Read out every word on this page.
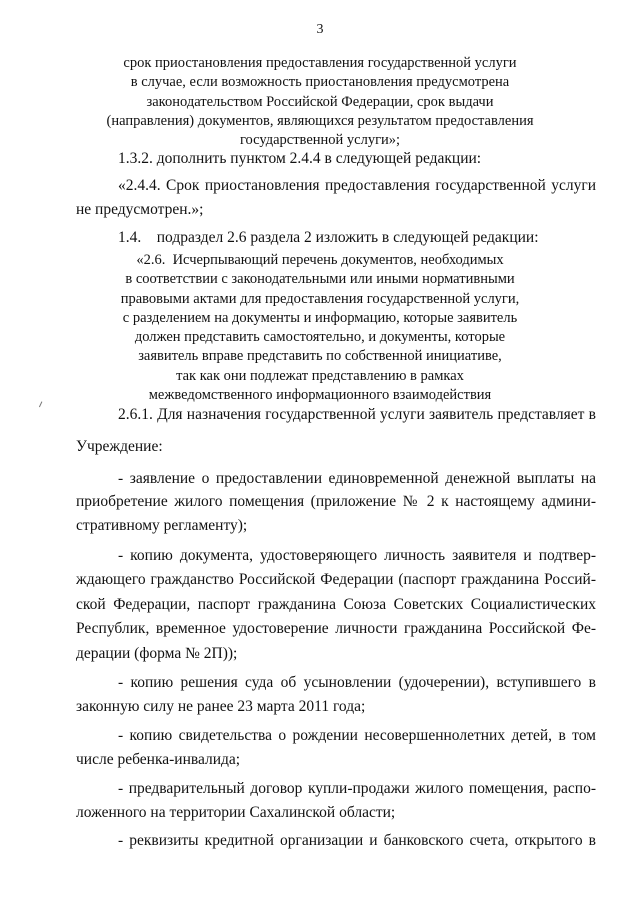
3
срок приостановления предоставления государственной услуги
в случае, если возможность приостановления предусмотрена
законодательством Российской Федерации, срок выдачи
(направления) документов, являющихся результатом предоставления
государственной услуги»;
1.3.2. дополнить пунктом 2.4.4 в следующей редакции:
«2.4.4. Срок приостановления предоставления государственной услуги
не предусмотрен.»;
1.4.    подраздел 2.6 раздела 2 изложить в следующей редакции:
«2.6.  Исчерпывающий перечень документов, необходимых
в соответствии с законодательными или иными нормативными
правовыми актами для предоставления государственной услуги,
с разделением на документы и информацию, которые заявитель
должен представить самостоятельно, и документы, которые
заявитель вправе представить по собственной инициативе,
так как они подлежат представлению в рамках
межведомственного информационного взаимодействия
2.6.1. Для назначения государственной услуги заявитель представляет в
Учреждение:
- заявление о предоставлении единовременной денежной выплаты на
приобретение жилого помещения (приложение № 2 к настоящему админи-
стративному регламенту);
- копию документа, удостоверяющего личность заявителя и подтвер-
ждающего гражданство Российской Федерации (паспорт гражданина Россий-
ской Федерации, паспорт гражданина Союза Советских Социалистических
Республик, временное удостоверение личности гражданина Российской Фе-
дерации (форма № 2П));
- копию решения суда об усыновлении (удочерении), вступившего в
законную силу не ранее 23 марта 2011 года;
- копию свидетельства о рождении несовершеннолетних детей, в том
числе ребенка-инвалида;
- предварительный договор купли-продажи жилого помещения, распо-
ложенного на территории Сахалинской области;
- реквизиты кредитной организации и банковского счета, открытого в
